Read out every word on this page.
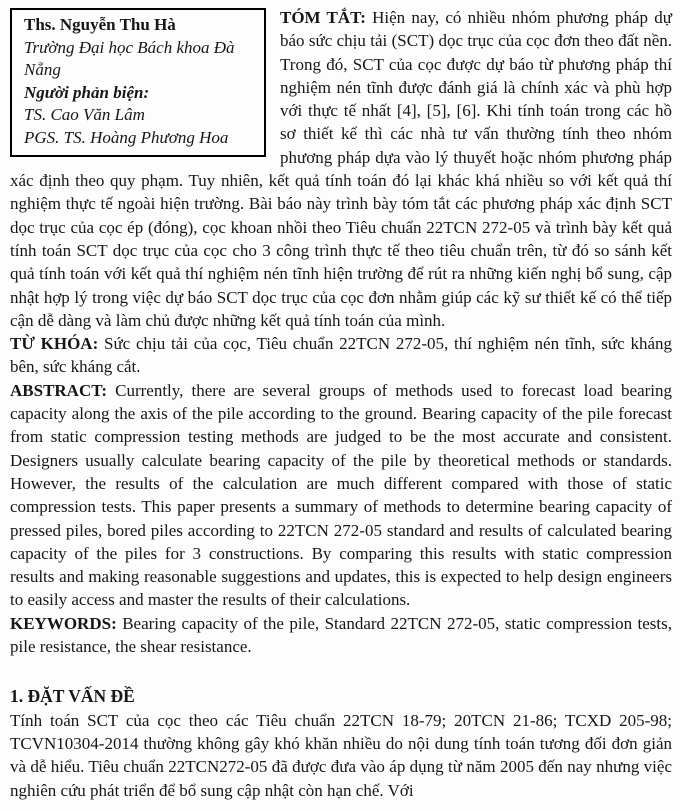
Ths. Nguyễn Thu Hà
Trường Đại học Bách khoa Đà Nẵng
Người phản biện:
TS. Cao Văn Lâm
PGS. TS. Hoàng Phương Hoa

TÓM TẮT: Hiện nay, có nhiều nhóm phương pháp dự báo sức chịu tải (SCT) dọc trục của cọc đơn theo đất nền. Trong đó, SCT của cọc được dự báo từ phương pháp thí nghiệm nén tĩnh được đánh giá là chính xác và phù hợp với thực tế nhất [4], [5], [6]. Khi tính toán trong các hồ sơ thiết kế thì các nhà tư vấn thường tính theo nhóm phương pháp dựa vào lý thuyết hoặc nhóm phương pháp xác định theo quy phạm. Tuy nhiên, kết quả tính toán đó lại khác khá nhiều so với kết quả thí nghiệm thực tế ngoài hiện trường. Bài báo này trình bày tóm tắt các phương pháp xác định SCT dọc trục của cọc ép (đóng), cọc khoan nhồi theo Tiêu chuẩn 22TCN 272-05 và trình bày kết quả tính toán SCT dọc trục của cọc cho 3 công trình thực tế theo tiêu chuẩn trên, từ đó so sánh kết quả tính toán với kết quả thí nghiệm nén tĩnh hiện trường để rút ra những kiến nghị bổ sung, cập nhật hợp lý trong việc dự báo SCT dọc trục của cọc đơn nhằm giúp các kỹ sư thiết kế có thể tiếp cận dễ dàng và làm chủ được những kết quả tính toán của mình.

TỪ KHÓA: Sức chịu tải của cọc, Tiêu chuẩn 22TCN 272-05, thí nghiệm nén tĩnh, sức kháng bên, sức kháng cắt.

ABSTRACT: Currently, there are several groups of methods used to forecast load bearing capacity along the axis of the pile according to the ground. Bearing capacity of the pile forecast from static compression testing methods are judged to be the most accurate and consistent. Designers usually calculate bearing capacity of the pile by theoretical methods or standards. However, the results of the calculation are much different compared with those of static compression tests. This paper presents a summary of methods to determine bearing capacity of pressed piles, bored piles according to 22TCN 272-05 standard and results of calculated bearing capacity of the piles for 3 constructions. By comparing this results with static compression results and making reasonable suggestions and updates, this is expected to help design engineers to easily access and master the results of their calculations.

KEYWORDS: Bearing capacity of the pile, Standard 22TCN 272-05, static compression tests, pile resistance, the shear resistance.

1. ĐẶT VẤN ĐỀ

Tính toán SCT của cọc theo các Tiêu chuẩn 22TCN 18-79; 20TCN 21-86; TCXD 205-98; TCVN10304-2014 thường không gây khó khăn nhiều do nội dung tính toán tương đối đơn giản và dễ hiểu. Tiêu chuẩn 22TCN272-05 đã được đưa vào áp dụng từ năm 2005 đến nay nhưng việc nghiên cứu phát triển để bổ sung cập nhật còn hạn chế. Với
